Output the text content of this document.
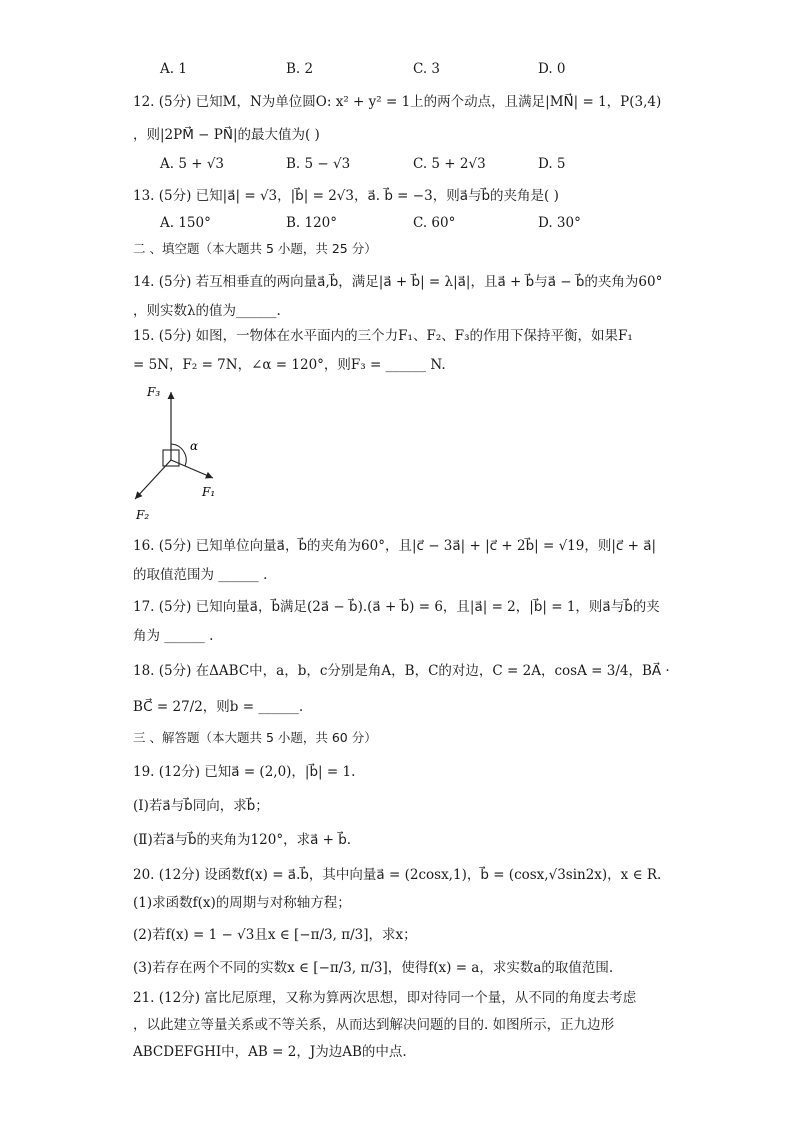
A. 1	B. 2	C. 3	D. 0
12. (5分) 已知M，N为单位圆O: x² + y² = 1上的两个动点，且满足|MN⃗| = 1，P(3,4)
，则|2PM⃗ − PN⃗|的最大值为( )
A. 5 + √3	B. 5 − √3	C. 5 + 2√3	D. 5
13. (5分) 已知|a⃗| = √3，|b⃗| = 2√3，a⃗. b⃗ = −3，则a⃗与b⃗的夹角是( )
A. 150°	B. 120°	C. 60°	D. 30°
二 、填空题（本大题共 5 小题，共 25 分）
14. (5分) 若互相垂直的两向量a⃗,b⃗，满足|a⃗ + b⃗| = λ|a⃗|，且a⃗ + b⃗与a⃗ − b⃗的夹角为60°
，则实数λ的值为______.
15. (5分) 如图，一物体在水平面内的三个力F₁、F₂、F₃的作用下保持平衡，如果F₁
= 5N，F₂ = 7N，∠α = 120°，则F₃ = ______ N.
F₃
α
F₁
F₂
16. (5分) 已知单位向量a⃗，b⃗的夹角为60°，且|c⃗ − 3a⃗| + |c⃗ + 2b⃗| = √19，则|c⃗ + a⃗|
的取值范围为 ______ .
17. (5分) 已知向量a⃗，b⃗满足(2a⃗ − b⃗).(a⃗ + b⃗) = 6，且|a⃗| = 2，|b⃗| = 1，则a⃗与b⃗的夹
角为 ______ .
18. (5分) 在ΔABC中，a，b，c分别是角A，B，C的对边，C = 2A，cosA = 3/4，BA⃗ ·
BC⃗ = 27/2，则b = ______.
三 、解答题（本大题共 5 小题，共 60 分）
19. (12分) 已知a⃗ = (2,0)，|b⃗| = 1.
(Ⅰ)若a⃗与b⃗同向，求b⃗；
(Ⅱ)若a⃗与b⃗的夹角为120°，求a⃗ + b⃗.
20. (12分) 设函数f(x) = a⃗.b⃗，其中向量a⃗ = (2cosx,1)，b⃗ = (cosx,√3sin2x)，x ∈ R.
(1)求函数f(x)的周期与对称轴方程；
(2)若f(x) = 1 − √3且x ∈ [−π/3, π/3]，求x；
(3)若存在两个不同的实数x ∈ [−π/3, π/3]，使得f(x) = a，求实数a的取值范围.
21. (12分) 富比尼原理，又称为算两次思想，即对待同一个量，从不同的角度去考虑
，以此建立等量关系或不等关系，从而达到解决问题的目的. 如图所示，正九边形
ABCDEFGHI中，AB = 2，J为边AB的中点.
